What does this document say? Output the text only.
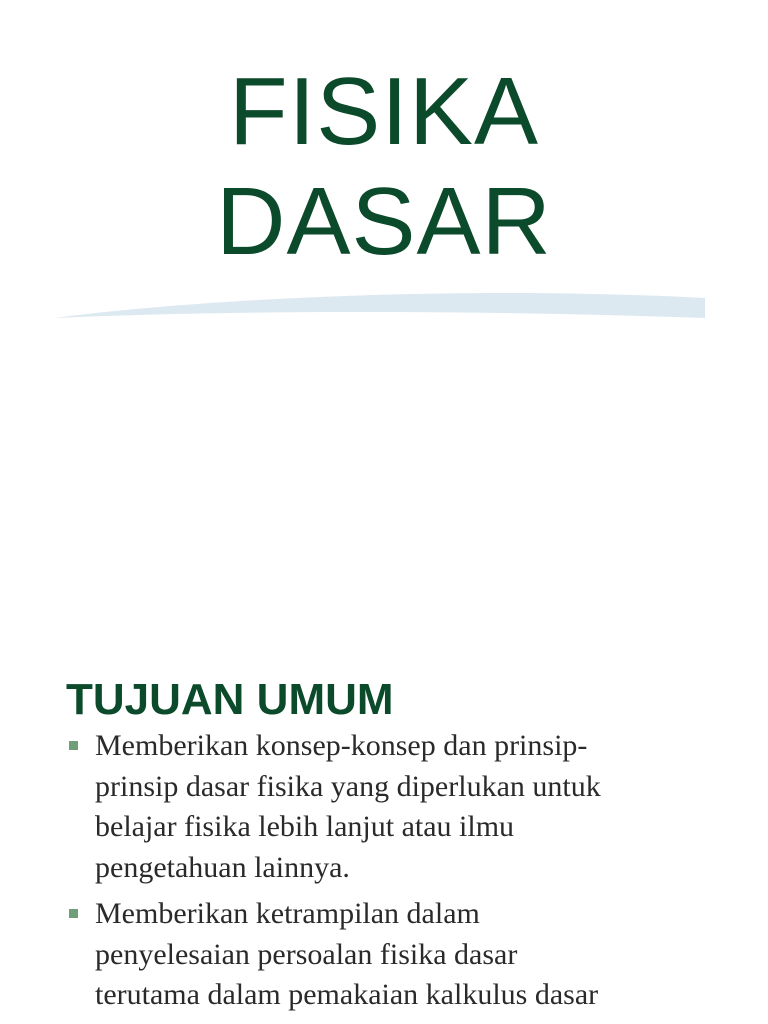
FISIKA
DASAR
TUJUAN UMUM
Memberikan konsep-konsep dan prinsip-
prinsip dasar fisika yang diperlukan untuk
belajar fisika lebih lanjut atau ilmu
pengetahuan lainnya.
Memberikan ketrampilan dalam
penyelesaian persoalan fisika dasar
terutama dalam pemakaian kalkulus dasar
